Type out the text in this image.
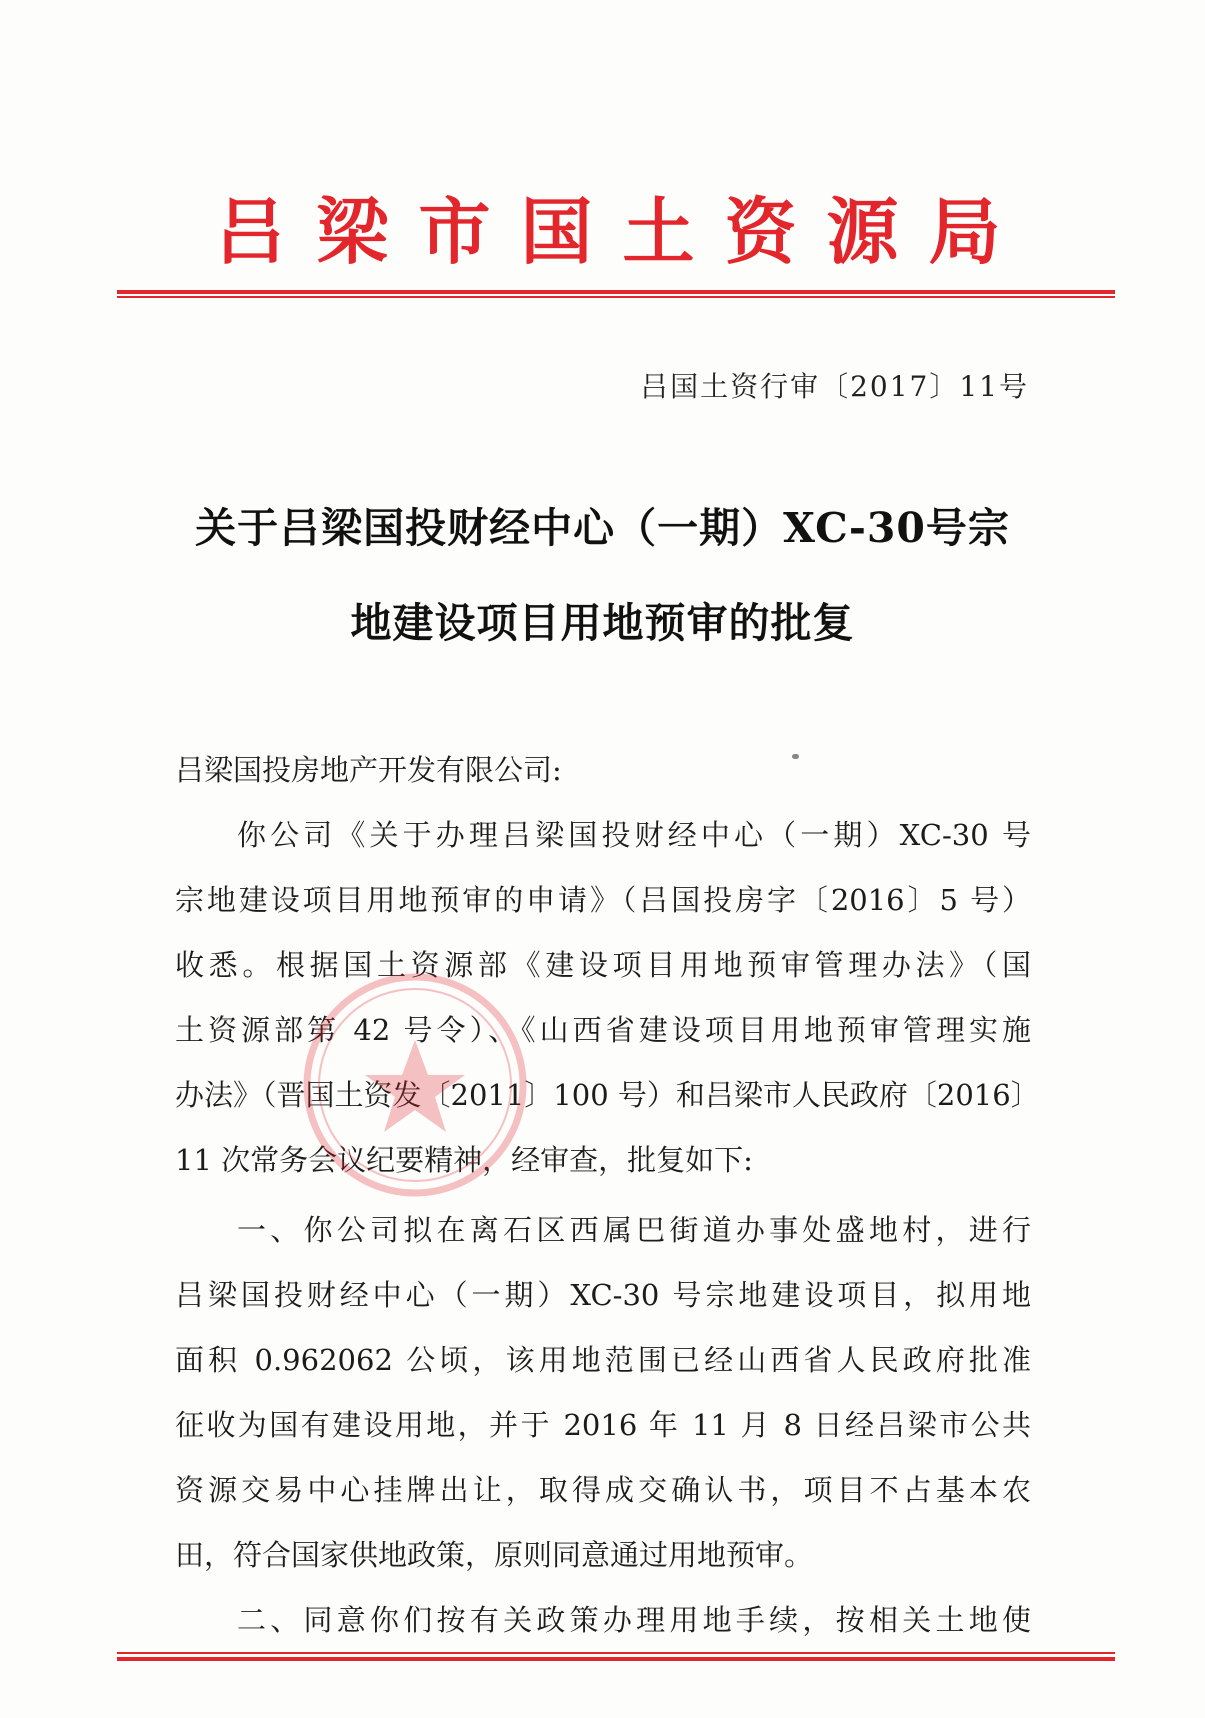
吕梁市国土资源局
吕国土资行审〔2017〕11号
关于吕梁国投财经中心（一期）XC-30号宗
地建设项目用地预审的批复
吕梁国投房地产开发有限公司:
你公司《关于办理吕梁国投财经中心（一期）XC-30 号
宗地建设项目用地预审的申请》（吕国投房字〔2016〕5 号）
收悉。根据国土资源部《建设项目用地预审管理办法》（国
土资源部第 42 号令）、《山西省建设项目用地预审管理实施
办法》（晋国土资发〔2011〕100 号）和吕梁市人民政府〔2016〕
11 次常务会议纪要精神，经审查，批复如下:
一、你公司拟在离石区西属巴街道办事处盛地村，进行
吕梁国投财经中心（一期）XC-30 号宗地建设项目，拟用地
面积 0.962062 公顷，该用地范围已经山西省人民政府批准
征收为国有建设用地，并于 2016 年 11 月 8 日经吕梁市公共
资源交易中心挂牌出让，取得成交确认书，项目不占基本农
田，符合国家供地政策，原则同意通过用地预审。
二、同意你们按有关政策办理用地手续，按相关土地使
